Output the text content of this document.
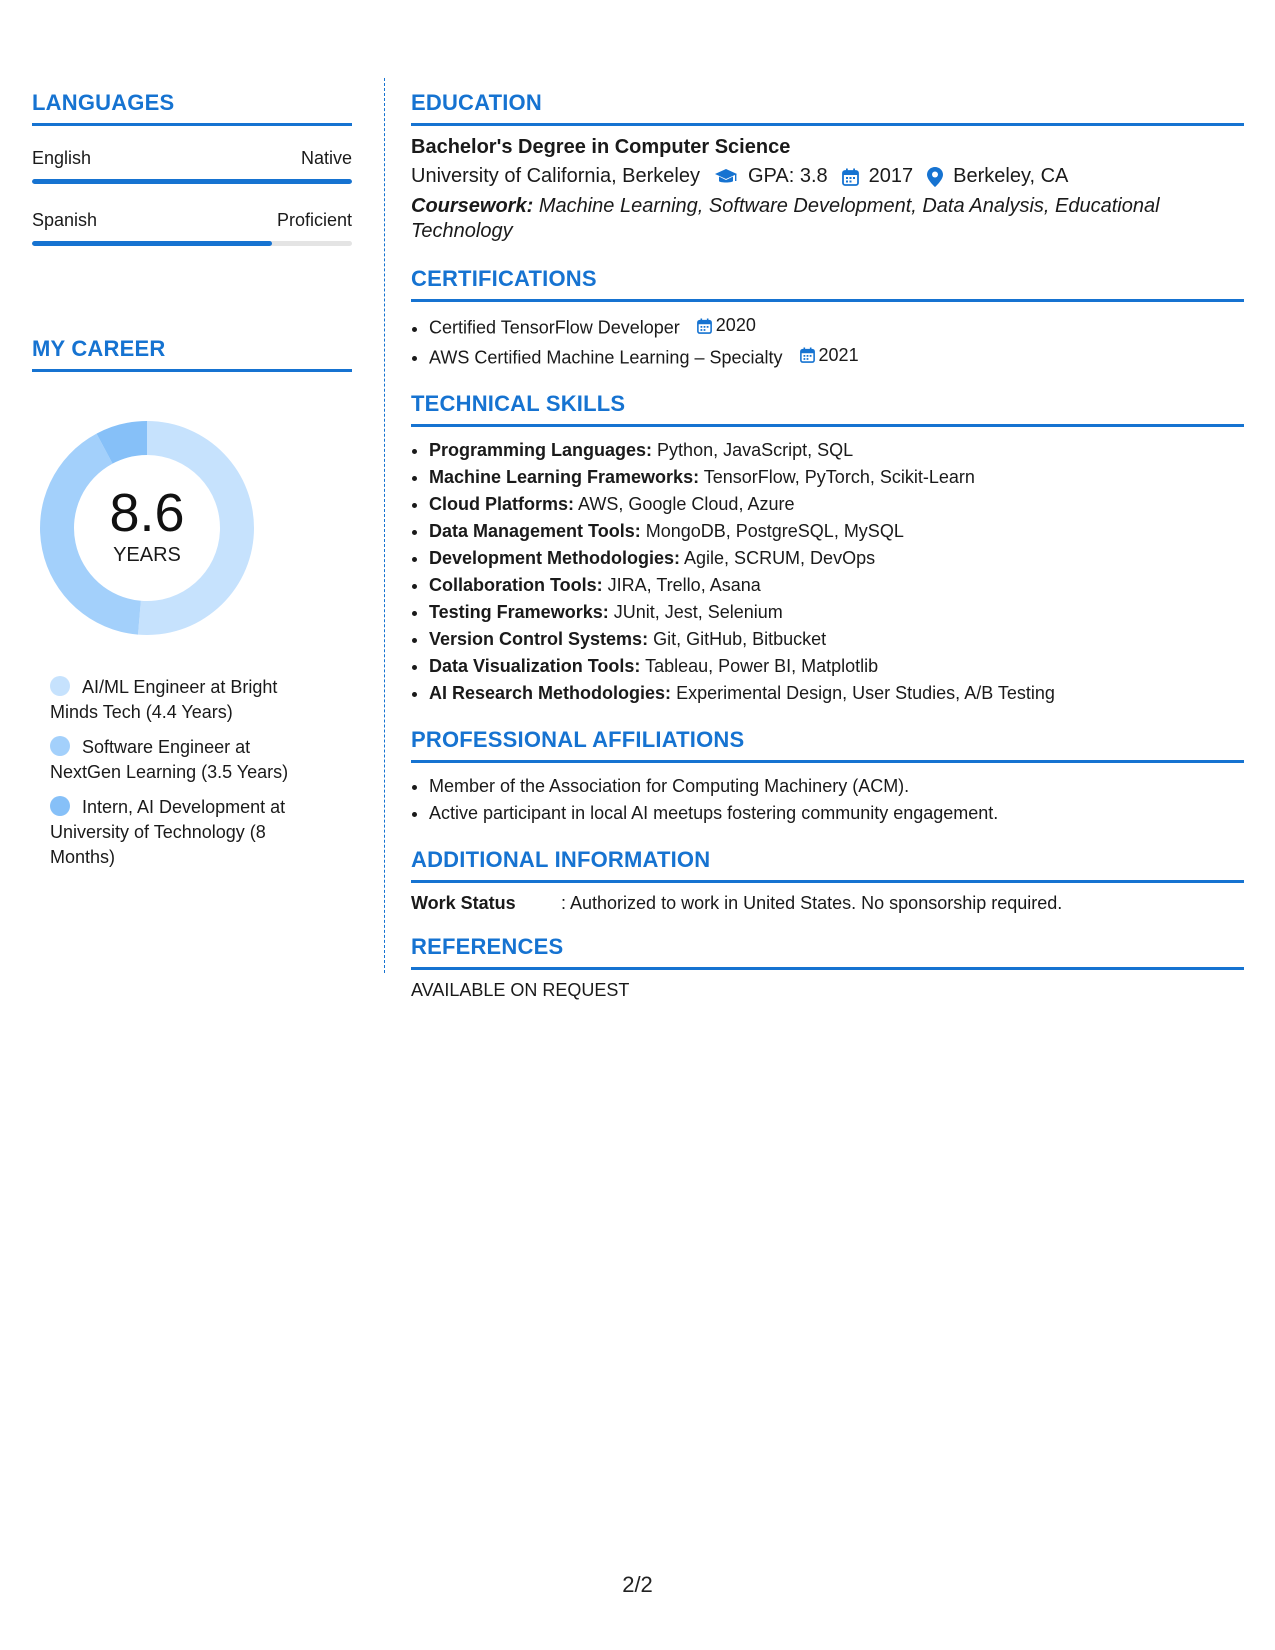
LANGUAGES
English	Native
Spanish	Proficient
MY CAREER
8.6
YEARS
AI/ML Engineer at Bright Minds Tech (4.4 Years)
Software Engineer at NextGen Learning (3.5 Years)
Intern, AI Development at University of Technology (8 Months)
EDUCATION
Bachelor's Degree in Computer Science
University of California, Berkeley GPA: 3.8 2017 Berkeley, CA
Coursework: Machine Learning, Software Development, Data Analysis, Educational Technology
CERTIFICATIONS
• Certified TensorFlow Developer 2020
• AWS Certified Machine Learning – Specialty 2021
TECHNICAL SKILLS
• Programming Languages: Python, JavaScript, SQL
• Machine Learning Frameworks: TensorFlow, PyTorch, Scikit-Learn
• Cloud Platforms: AWS, Google Cloud, Azure
• Data Management Tools: MongoDB, PostgreSQL, MySQL
• Development Methodologies: Agile, SCRUM, DevOps
• Collaboration Tools: JIRA, Trello, Asana
• Testing Frameworks: JUnit, Jest, Selenium
• Version Control Systems: Git, GitHub, Bitbucket
• Data Visualization Tools: Tableau, Power BI, Matplotlib
• AI Research Methodologies: Experimental Design, User Studies, A/B Testing
PROFESSIONAL AFFILIATIONS
• Member of the Association for Computing Machinery (ACM).
• Active participant in local AI meetups fostering community engagement.
ADDITIONAL INFORMATION
Work Status	: Authorized to work in United States. No sponsorship required.
REFERENCES
AVAILABLE ON REQUEST
2/2
